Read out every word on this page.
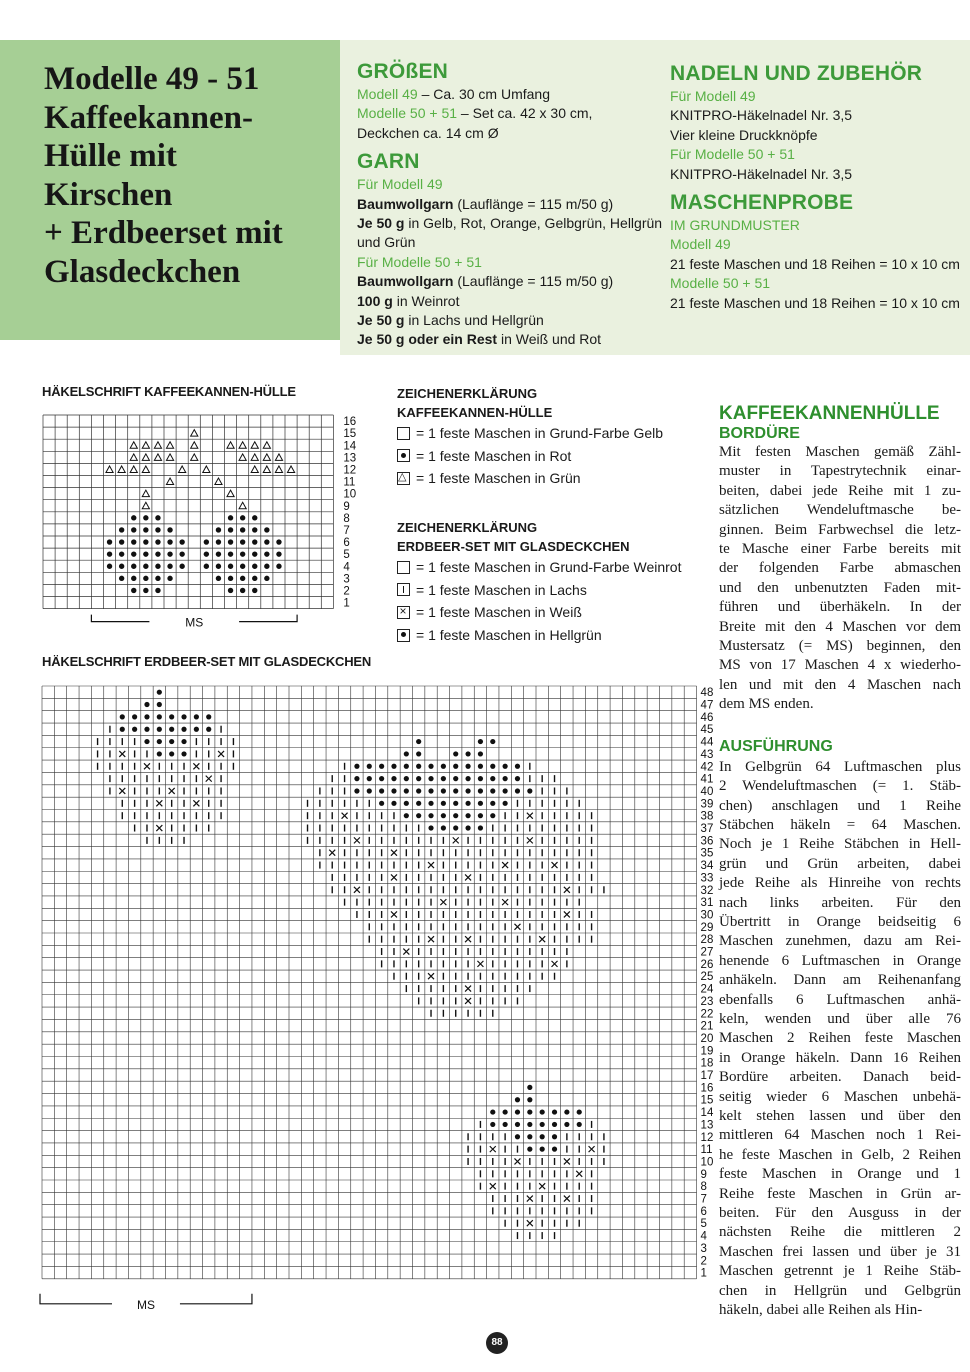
Modelle 49 - 51
Kaffeekannen-
Hülle mit
Kirschen
+ Erdbeerset mit
Glasdeckchen
GRÖßEN
Modell 49 – Ca. 30 cm Umfang
Modelle 50 + 51 – Set ca. 42 x 30 cm,
Deckchen ca. 14 cm Ø
GARN
Für Modell 49
Baumwollgarn (Lauflänge = 115 m/50 g)
Je 50 g in Gelb, Rot, Orange, Gelbgrün, Hellgrün
und Grün
Für Modelle 50 + 51
Baumwollgarn (Lauflänge = 115 m/50 g)
100 g in Weinrot
Je 50 g in Lachs und Hellgrün
Je 50 g oder ein Rest in Weiß und Rot
NADELN UND ZUBEHÖR
Für Modell 49
KNITPRO-Häkelnadel Nr. 3,5
Vier kleine Druckknöpfe
Für Modelle 50 + 51
KNITPRO-Häkelnadel Nr. 3,5
MASCHENPROBE
IM GRUNDMUSTER
Modell 49
21 feste Maschen und 18 Reihen = 10 x 10 cm
Modelle 50 + 51
21 feste Maschen und 18 Reihen = 10 x 10 cm
HÄKELSCHRIFT KAFFEEKANNEN-HÜLLE
1
2
3
4
5
6
7
8
9
10
11
12
13
14
15
16
MS
ZEICHENERKLÄRUNG
KAFFEEKANNEN-HÜLLE
= 1 feste Maschen in Grund-Farbe Gelb
= 1 feste Maschen in Rot
△
= 1 feste Maschen in Grün
ZEICHENERKLÄRUNG
ERDBEER-SET MIT GLASDECKCHEN
= 1 feste Maschen in Grund-Farbe Weinrot
= 1 feste Maschen in Lachs
×
= 1 feste Maschen in Weiß
= 1 feste Maschen in Hellgrün
HÄKELSCHRIFT ERDBEER-SET MIT GLASDECKCHEN
1
2
3
4
5
6
7
8
9
10
11
12
13
14
15
16
17
18
19
20
21
22
23
24
25
26
27
28
29
30
31
32
33
34
35
36
37
38
39
40
41
42
43
44
45
46
47
48
MS
KAFFEEKANNENHÜLLE
BORDÜRE
Mit festen Maschen gemäß Zähl-
muster in Tapestrytechnik einar-
beiten, dabei jede Reihe mit 1 zu-
sätzlichen Wendeluftmasche be-
ginnen. Beim Farbwechsel die letz-
te Masche einer Farbe bereits mit
der folgenden Farbe abmaschen
und den unbenutzten Faden mit-
führen und überhäkeln. In der
Breite mit den 4 Maschen vor dem
Mustersatz (= MS) beginnen, den
MS von 17 Maschen 4 x wiederho-
len und mit den 4 Maschen nach
dem MS enden.
AUSFÜHRUNG
In Gelbgrün 64 Luftmaschen plus
2 Wendeluftmaschen (= 1. Stäb-
chen) anschlagen und 1 Reihe
Stäbchen häkeln = 64 Maschen.
Noch je 1 Reihe Stäbchen in Hell-
grün und Grün arbeiten, dabei
jede Reihe als Hinreihe von rechts
nach links arbeiten. Für den
Übertritt in Orange beidseitig 6
Maschen zunehmen, dazu am Rei-
henende 6 Luftmaschen in Orange
anhäkeln. Dann am Reihenanfang
ebenfalls 6 Luftmaschen anhä-
keln, wenden und über alle 76
Maschen 2 Reihen feste Maschen
in Orange häkeln. Dann 16 Reihen
Bordüre arbeiten. Danach beid-
seitig wieder 6 Maschen unbehä-
kelt stehen lassen und über den
mittleren 64 Maschen noch 1 Rei-
he feste Maschen in Gelb, 2 Reihen
feste Maschen in Orange und 1
Reihe feste Maschen in Grün ar-
beiten. Für den Ausguss in der
nächsten Reihe die mittleren 2
Maschen frei lassen und über je 31
Maschen getrennt je 1 Reihe Stäb-
chen in Hellgrün und Gelbgrün
häkeln, dabei alle Reihen als Hin-
88
